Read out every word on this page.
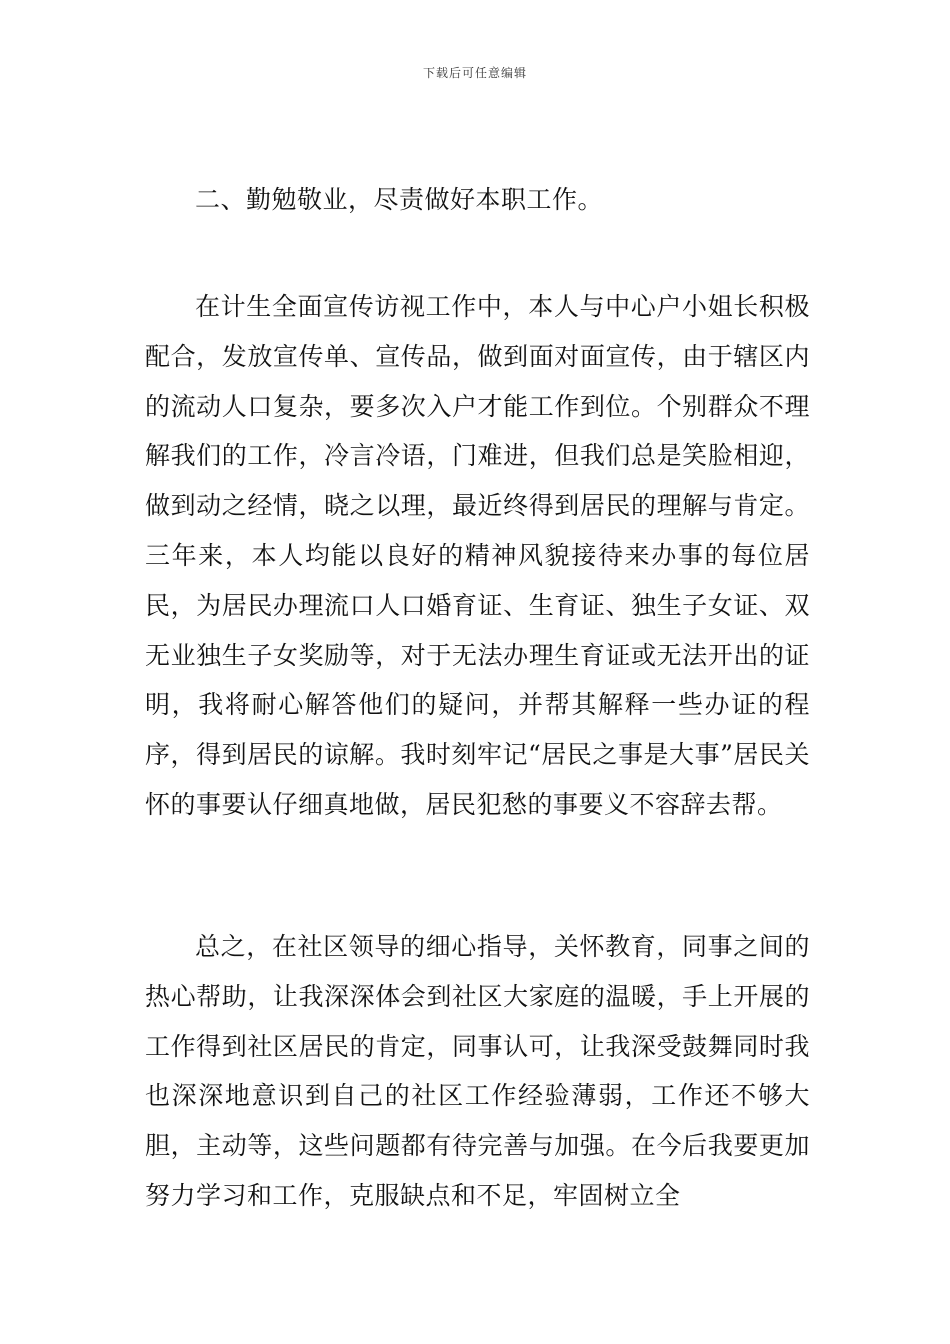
下载后可任意编辑

二、勤勉敬业，尽责做好本职工作。

在计生全面宣传访视工作中，本人与中心户小姐长积极配合，发放宣传单、宣传品，做到面对面宣传，由于辖区内的流动人口复杂，要多次入户才能工作到位。个别群众不理解我们的工作，冷言冷语，门难进，但我们总是笑脸相迎，做到动之经情，晓之以理，最近终得到居民的理解与肯定。三年来，本人均能以良好的精神风貌接待来办事的每位居民，为居民办理流口人口婚育证、生育证、独生子女证、双无业独生子女奖励等，对于无法办理生育证或无法开出的证明，我将耐心解答他们的疑问，并帮其解释一些办证的程序，得到居民的谅解。我时刻牢记“居民之事是大事”居民关怀的事要认仔细真地做，居民犯愁的事要义不容辞去帮。

总之，在社区领导的细心指导，关怀教育，同事之间的热心帮助，让我深深体会到社区大家庭的温暖，手上开展的工作得到社区居民的肯定，同事认可，让我深受鼓舞同时我也深深地意识到自己的社区工作经验薄弱，工作还不够大胆，主动等，这些问题都有待完善与加强。在今后我要更加努力学习和工作，克服缺点和不足，牢固树立全
